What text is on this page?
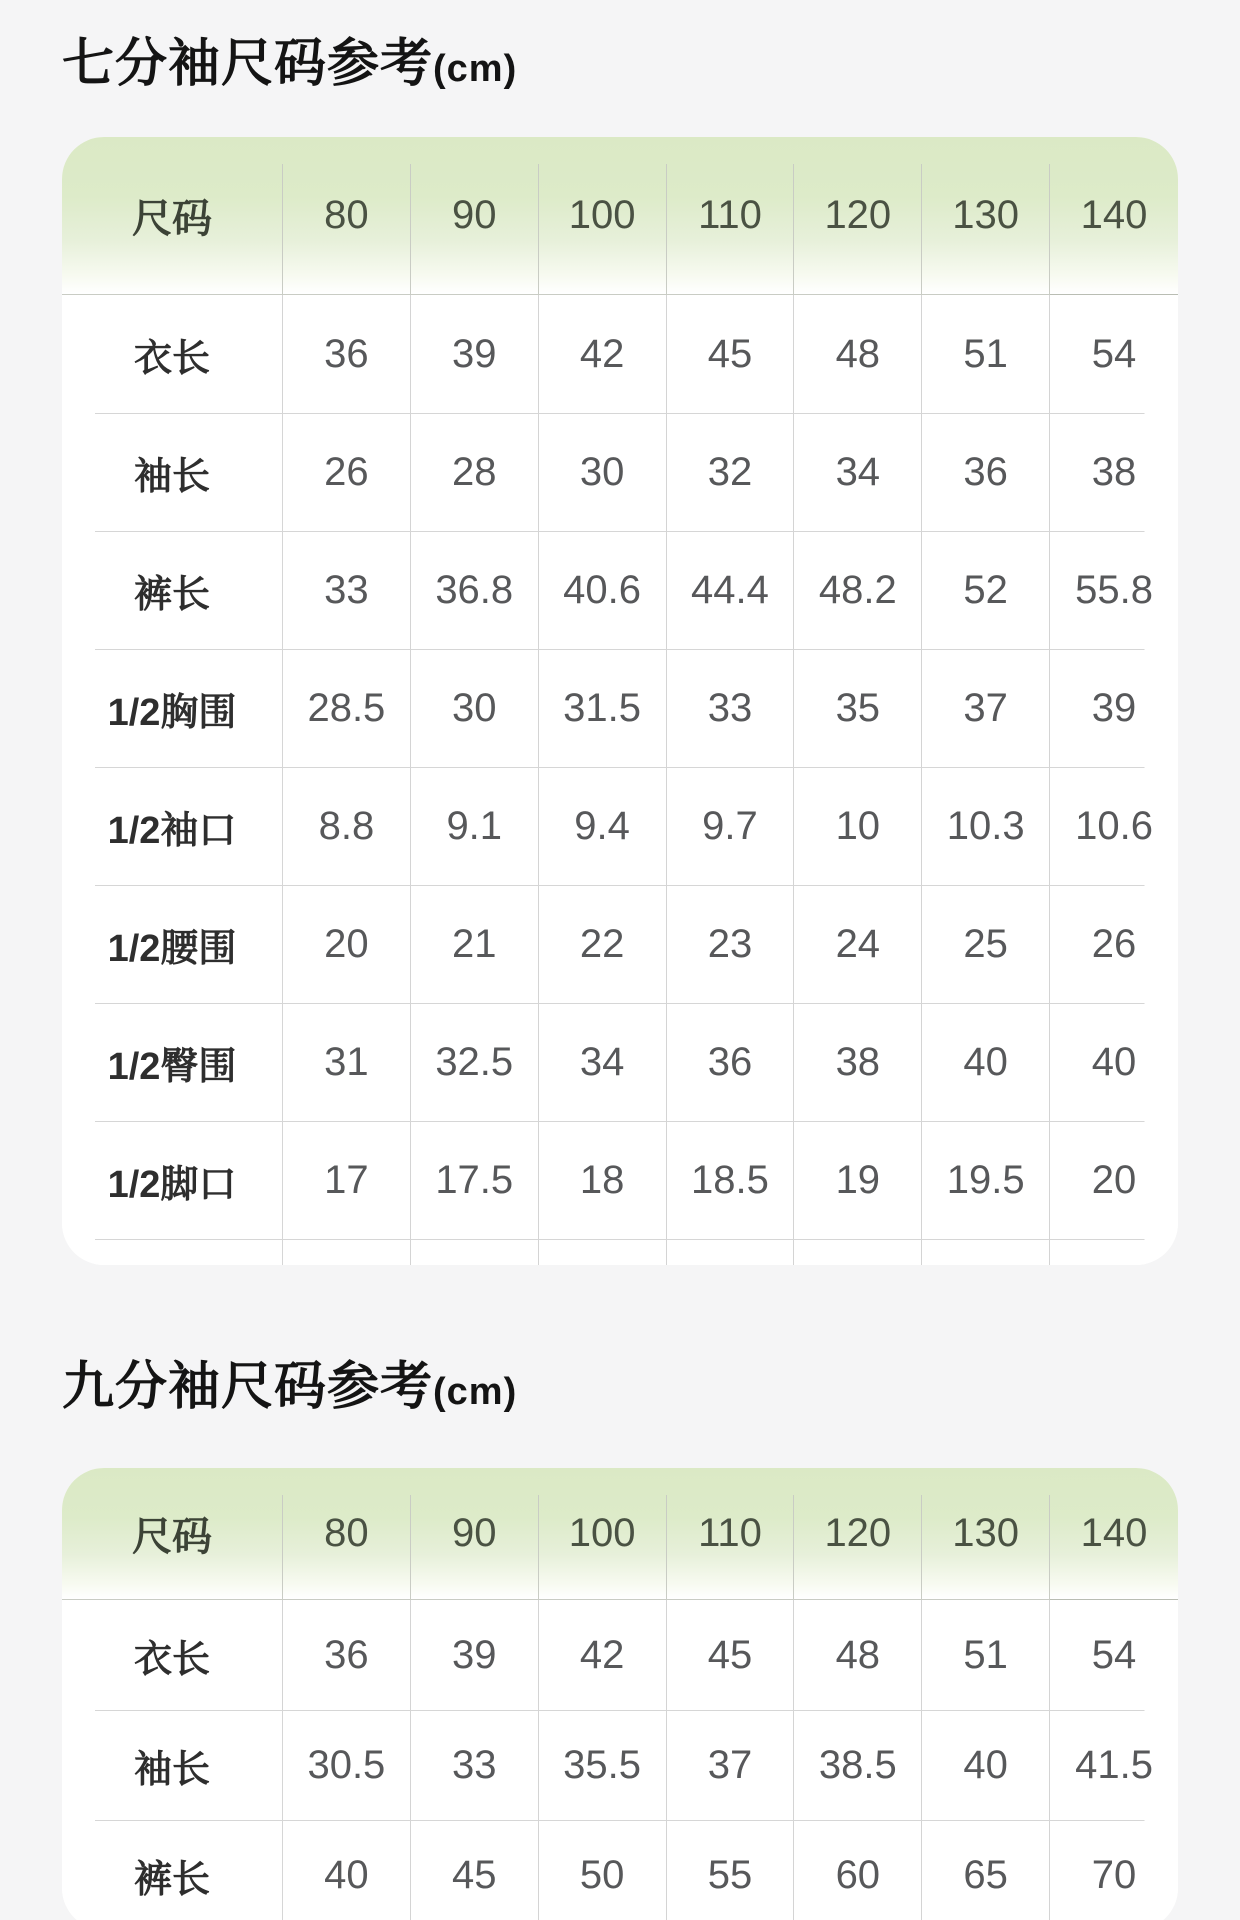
七分袖尺码参考(cm)
尺码	80	90	100	110	120	130	140
衣长	36	39	42	45	48	51	54
袖长	26	28	30	32	34	36	38
裤长	33	36.8	40.6	44.4	48.2	52	55.8
1/2胸围	28.5	30	31.5	33	35	37	39
1/2袖口	8.8	9.1	9.4	9.7	10	10.3	10.6
1/2腰围	20	21	22	23	24	25	26
1/2臀围	31	32.5	34	36	38	40	40
1/2脚口	17	17.5	18	18.5	19	19.5	20

九分袖尺码参考(cm)
尺码	80	90	100	110	120	130	140
衣长	36	39	42	45	48	51	54
袖长	30.5	33	35.5	37	38.5	40	41.5
裤长	40	45	50	55	60	65	70
